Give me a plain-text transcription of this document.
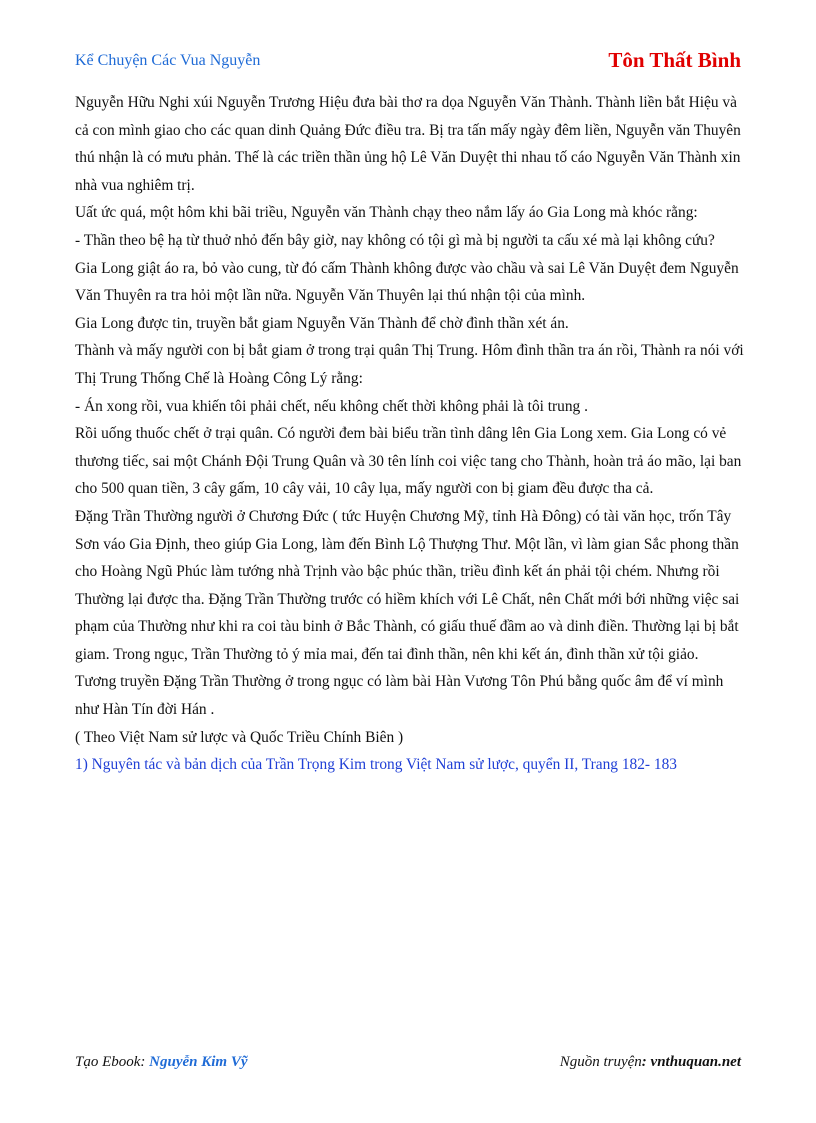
Kể Chuyện Các Vua Nguyễn	Tôn Thất Bình

Nguyễn Hữu Nghi xúi Nguyễn Trương Hiệu đưa bài thơ ra dọa Nguyễn Văn Thành. Thành liền bắt Hiệu và cả con mình giao cho các quan dinh Quảng Đức điều tra. Bị tra tấn mấy ngày đêm liền, Nguyễn văn Thuyên thú nhận là có mưu phản. Thế là các triền thần ủng hộ Lê Văn Duyệt thi nhau tố cáo Nguyễn Văn Thành xin nhà vua nghiêm trị.

Uất ức quá, một hôm khi bãi triều, Nguyễn văn Thành chạy theo nắm lấy áo Gia Long mà khóc rằng:

- Thần theo bệ hạ từ thuở nhỏ đến bây giờ, nay không có tội gì mà bị người ta cấu xé mà lại không cứu?

Gia Long giật áo ra, bỏ vào cung, từ đó cấm Thành không được vào chầu và sai Lê Văn Duyệt đem Nguyễn Văn Thuyên ra tra hỏi một lần nữa. Nguyễn Văn Thuyên lại thú nhận tội của mình.

Gia Long được tin, truyền bắt giam Nguyễn Văn Thành để chờ đình thần xét án.

Thành và mấy người con bị bắt giam ở trong trại quân Thị Trung. Hôm đình thần tra án rồi, Thành ra nói với Thị Trung Thống Chế là Hoàng Công Lý rằng:

- Án xong rồi, vua khiến tôi phải chết, nếu không chết thời không phải là tôi trung .

Rồi uống thuốc chết ở trại quân. Có người đem bài biểu trần tình dâng lên Gia Long xem. Gia Long có vẻ thương tiếc, sai một Chánh Đội Trung Quân và 30 tên lính coi việc tang cho Thành, hoàn trả áo mão, lại ban cho 500 quan tiền, 3 cây gấm, 10 cây vải, 10 cây lụa, mấy người con bị giam đều được tha cả.

Đặng Trần Thường người ở Chương Đức ( tức Huyện Chương Mỹ, tỉnh Hà Đông) có tài văn học, trốn Tây Sơn váo Gia Định, theo giúp Gia Long, làm đến Bình Lộ Thượng Thư. Một lần, vì làm gian Sắc phong thần cho Hoàng Ngũ Phúc làm tướng nhà Trịnh vào bậc phúc thần, triều đình kết án phải tội chém. Nhưng rồi Thường lại được tha. Đặng Trần Thường trước có hiềm khích với Lê Chất, nên Chất mới bới những việc sai phạm của Thường như khi ra coi tàu binh ở Bắc Thành, có giấu thuế đầm ao và dinh điền. Thường lại bị bắt giam. Trong ngục, Trần Thường tỏ ý mỉa mai, đến tai đình thần, nên khi kết án, đình thần xử tội giảo.

Tương truyền Đặng Trần Thường ở trong ngục có làm bài Hàn Vương Tôn Phú bằng quốc âm để ví mình như Hàn Tín đời Hán .

( Theo Việt Nam sử lược và Quốc Triều Chính Biên )

1) Nguyên tác và bản dịch của Trần Trọng Kim trong Việt Nam sử lược, quyển II, Trang 182- 183

Tạo Ebook: Nguyễn Kim Vỹ	Nguồn truyện: vnthuquan.net
